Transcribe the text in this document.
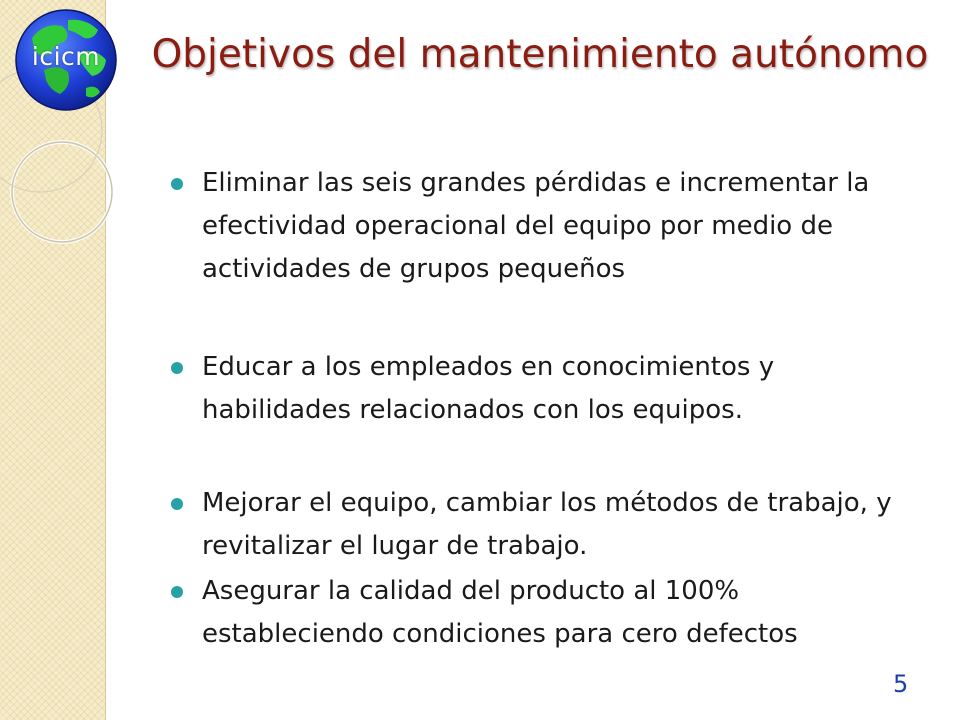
icicm	Objetivos del mantenimiento autónomo
Eliminar las seis grandes pérdidas e incrementar la efectividad operacional del equipo por medio de actividades de grupos pequeños
Educar a los empleados en conocimientos y habilidades relacionados con los equipos.
Mejorar el equipo, cambiar los métodos de trabajo, y revitalizar el lugar de trabajo.
Asegurar la calidad del producto al 100% estableciendo condiciones para cero defectos
5
